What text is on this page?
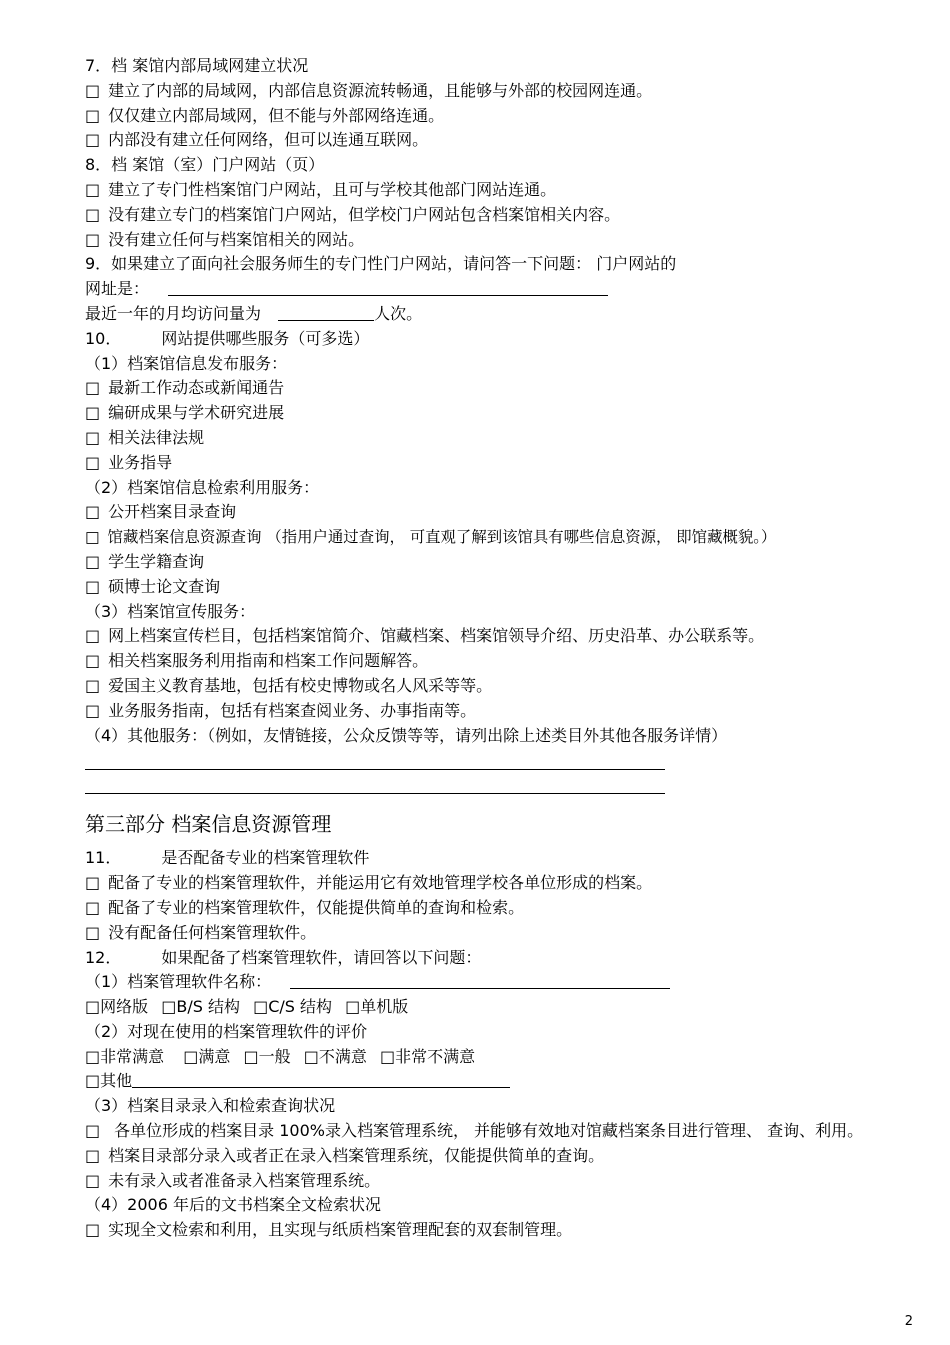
7．档 案馆内部局域网建立状况
□ 建立了内部的局域网，内部信息资源流转畅通，且能够与外部的校园网连通。
□ 仅仅建立内部局域网，但不能与外部网络连通。
□ 内部没有建立任何网络，但可以连通互联网。
8．档 案馆（室）门户网站（页）
□ 建立了专门性档案馆门户网站，且可与学校其他部门网站连通。
□ 没有建立专门的档案馆门户网站，但学校门户网站包含档案馆相关内容。
□ 没有建立任何与档案馆相关的网站。
9．如果建立了面向社会服务师生的专门性门户网站，请问答一下问题： 门户网站的
网址是：
最近一年的月均访问量为	人次。
10．	网站提供哪些服务（可多选）
（1）档案馆信息发布服务：
□ 最新工作动态或新闻通告
□ 编研成果与学术研究进展
□ 相关法律法规
□ 业务指导
（2）档案馆信息检索利用服务：
□ 公开档案目录查询
□ 馆藏档案信息资源查询 （指用户通过查询， 可直观了解到该馆具有哪些信息资源， 即馆藏概貌。）
□ 学生学籍查询
□ 硕博士论文查询
（3）档案馆宣传服务：
□ 网上档案宣传栏目，包括档案馆简介、馆藏档案、档案馆领导介绍、历史沿革、办公联系等。
□ 相关档案服务利用指南和档案工作问题解答。
□ 爱国主义教育基地，包括有校史博物或名人风采等等。
□ 业务服务指南，包括有档案查阅业务、办事指南等。
（4）其他服务：（例如，友情链接，公众反馈等等，请列出除上述类目外其他各服务详情）
第三部分 档案信息资源管理
11．	是否配备专业的档案管理软件
□ 配备了专业的档案管理软件，并能运用它有效地管理学校各单位形成的档案。
□ 配备了专业的档案管理软件，仅能提供简单的查询和检索。
□ 没有配备任何档案管理软件。
12．	如果配备了档案管理软件，请回答以下问题：
（1）档案管理软件名称：
□网络版 □B/S 结构 □C/S 结构 □单机版
（2）对现在使用的档案管理软件的评价
□非常满意 □满意 □一般 □不满意 □非常不满意
□其他
（3）档案目录录入和检索查询状况
□ 各单位形成的档案目录 100%录入档案管理系统， 并能够有效地对馆藏档案条目进行管理、 查询、利用。
□ 档案目录部分录入或者正在录入档案管理系统，仅能提供简单的查询。
□ 未有录入或者准备录入档案管理系统。
（4）2006 年后的文书档案全文检索状况
□ 实现全文检索和利用，且实现与纸质档案管理配套的双套制管理。
2
